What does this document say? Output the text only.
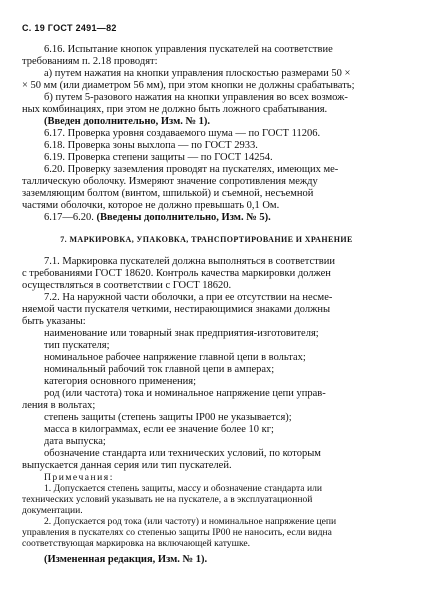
С. 19 ГОСТ 2491—82

6.16. Испытание кнопок управления пускателей на соответствие

требованиям п. 2.18 проводят:

а) путем нажатия на кнопки управления плоскостью размерами 50 ×

× 50 мм (или диаметром 56 мм), при этом кнопки не должны срабатывать;

б) путем 5-разового нажатия на кнопки управления во всех возмож-

ных комбинациях, при этом не должно быть ложного срабатывания.

(Введен дополнительно, Изм. № 1).

6.17. Проверка уровня создаваемого шума — по ГОСТ 11206.

6.18. Проверка зоны выхлопа — по ГОСТ 2933.

6.19. Проверка степени защиты — по ГОСТ 14254.

6.20. Проверку заземления проводят на пускателях, имеющих ме-

таллическую оболочку. Измеряют значение сопротивления между

заземляющим болтом (винтом, шпилькой) и съемной, несъемной

частями оболочки, которое не должно превышать 0,1 Ом.

6.17—6.20. (Введены дополнительно, Изм. № 5).

7. МАРКИРОВКА, УПАКОВКА, ТРАНСПОРТИРОВАНИЕ И ХРАНЕНИЕ

7.1. Маркировка пускателей должна выполняться в соответствии

с требованиями ГОСТ 18620. Контроль качества маркировки должен

осуществляться в соответствии с ГОСТ 18620.

7.2. На наружной части оболочки, а при ее отсутствии на несме-

няемой части пускателя четкими, нестирающимися знаками должны

быть указаны:

наименование или товарный знак предприятия-изготовителя;

тип пускателя;

номинальное рабочее напряжение главной цепи в вольтах;

номинальный рабочий ток главной цепи в амперах;

категория основного применения;

род (или частота) тока и номинальное напряжение цепи управ-

ления в вольтах;

степень защиты (степень защиты IP00 не указывается);

масса в килограммах, если ее значение более 10 кг;

дата выпуска;

обозначение стандарта или технических условий, по которым

выпускается данная серия или тип пускателей.

Примечания:

1. Допускается степень защиты, массу и обозначение стандарта или

технических условий указывать не на пускателе, а в эксплуатационной

документации.

2. Допускается род тока (или частоту) и номинальное напряжение цепи

управления в пускателях со степенью защиты IP00 не наносить, если видна

соответствующая маркировка на включающей катушке.

(Измененная редакция, Изм. № 1).
